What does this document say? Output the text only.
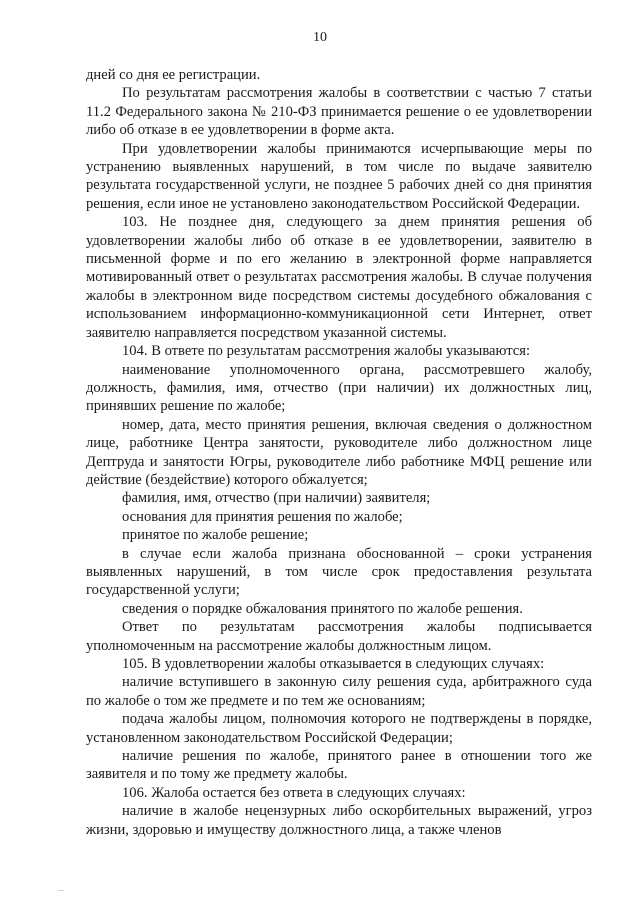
10

дней со дня ее регистрации.

По результатам рассмотрения жалобы в соответствии с частью 7 статьи 11.2 Федерального закона № 210-ФЗ принимается решение о ее удовлетворении либо об отказе в ее удовлетворении в форме акта.

При удовлетворении жалобы принимаются исчерпывающие меры по устранению выявленных нарушений, в том числе по выдаче заявителю результата государственной услуги, не позднее 5 рабочих дней со дня принятия решения, если иное не установлено законодательством Российской Федерации.

103. Не позднее дня, следующего за днем принятия решения об удовлетворении жалобы либо об отказе в ее удовлетворении, заявителю в письменной форме и по его желанию в электронной форме направляется мотивированный ответ о результатах рассмотрения жалобы. В случае получения жалобы в электронном виде посредством системы досудебного обжалования с использованием информационно-коммуникационной сети Интернет, ответ заявителю направляется посредством указанной системы.

104. В ответе по результатам рассмотрения жалобы указываются:

наименование уполномоченного органа, рассмотревшего жалобу, должность, фамилия, имя, отчество (при наличии) их должностных лиц, принявших решение по жалобе;

номер, дата, место принятия решения, включая сведения о должностном лице, работнике Центра занятости, руководителе либо должностном лице Дептруда и занятости Югры, руководителе либо работнике МФЦ решение или действие (бездействие) которого обжалуется;

фамилия, имя, отчество (при наличии) заявителя;

основания для принятия решения по жалобе;

принятое по жалобе решение;

в случае если жалоба признана обоснованной – сроки устранения выявленных нарушений, в том числе срок предоставления результата государственной услуги;

сведения о порядке обжалования принятого по жалобе решения.

Ответ по результатам рассмотрения жалобы подписывается уполномоченным на рассмотрение жалобы должностным лицом.

105. В удовлетворении жалобы отказывается в следующих случаях:

наличие вступившего в законную силу решения суда, арбитражного суда по жалобе о том же предмете и по тем же основаниям;

подача жалобы лицом, полномочия которого не подтверждены в порядке, установленном законодательством Российской Федерации;

наличие решения по жалобе, принятого ранее в отношении того же заявителя и по тому же предмету жалобы.

106. Жалоба остается без ответа в следующих случаях:

наличие в жалобе нецензурных либо оскорбительных выражений, угроз жизни, здоровью и имуществу должностного лица, а также членов

...
